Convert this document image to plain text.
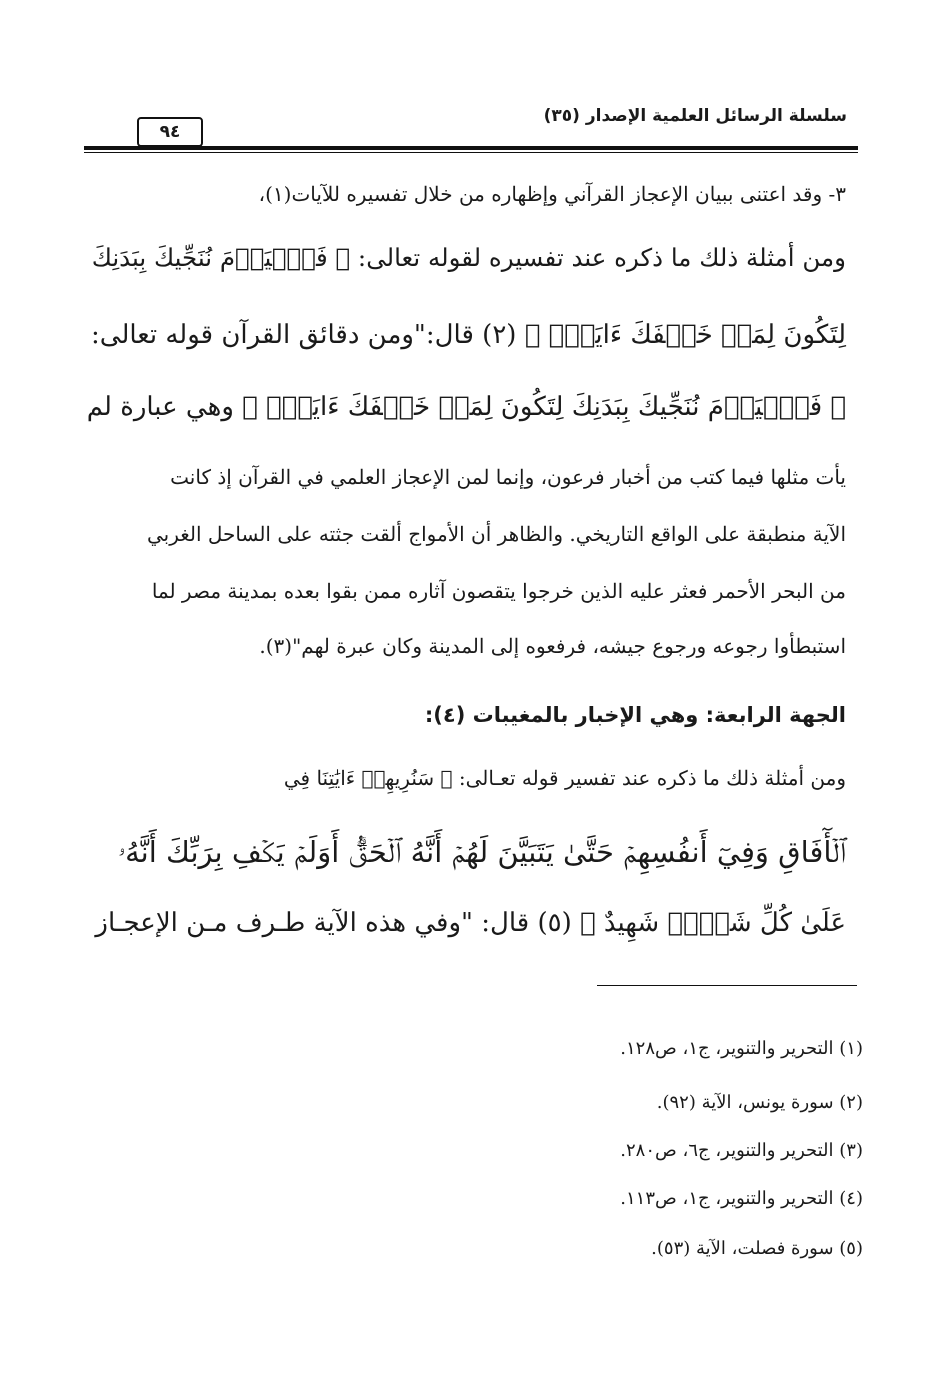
سلسلة الرسائل العلمية الإصدار (٣٥)
٩٤
٣- وقد اعتنى ببيان الإعجاز القرآني وإظهاره من خلال تفسيره للآيات(١)،
ومن أمثلة ذلك ما ذكره عند تفسيره لقوله تعالى: ﴿ فَٱلۡيَوۡمَ نُنَجِّيكَ بِبَدَنِكَ
لِتَكُونَ لِمَنۡ خَلۡفَكَ ءَايَةٗۚ ﴾ (٢) قال:"ومن دقائق القرآن قوله تعالى:
﴿ فَٱلۡيَوۡمَ نُنَجِّيكَ بِبَدَنِكَ لِتَكُونَ لِمَنۡ خَلۡفَكَ ءَايَةٗۚ ﴾ وهي عبارة لم
يأت مثلها فيما كتب من أخبار فرعون، وإنما لمن الإعجاز العلمي في القرآن إذ كانت
الآية منطبقة على الواقع التاريخي. والظاهر أن الأمواج ألقت جثته على الساحل الغربي
من البحر الأحمر فعثر عليه الذين خرجوا يتقصون آثاره ممن بقوا بعده بمدينة مصر لما
استبطأوا رجوعه ورجوع جيشه، فرفعوه إلى المدينة وكان عبرة لهم"(٣).
الجهة الرابعة: وهي الإخبار بالمغيبات (٤):
ومن أمثلة ذلك ما ذكره عند تفسير قوله تعـالى: ﴿ سَنُرِيهِمۡ ءَايَٰتِنَا فِي
ٱلۡأٓفَاقِ وَفِيٓ أَنفُسِهِمۡ حَتَّىٰ يَتَبَيَّنَ لَهُمۡ أَنَّهُ ٱلۡحَقُّۗ أَوَلَمۡ يَكۡفِ بِرَبِّكَ أَنَّهُۥ
عَلَىٰ كُلِّ شَيۡءٖ شَهِيدٌ ﴾ (٥) قال: "وفي هذه الآية طـرف مـن الإعجـاز
(١) التحرير والتنوير، ج١، ص١٢٨.
(٢) سورة يونس، الآية (٩٢).
(٣) التحرير والتنوير، ج٦، ص٢٨٠.
(٤) التحرير والتنوير، ج١، ص١١٣.
(٥) سورة فصلت، الآية (٥٣).
